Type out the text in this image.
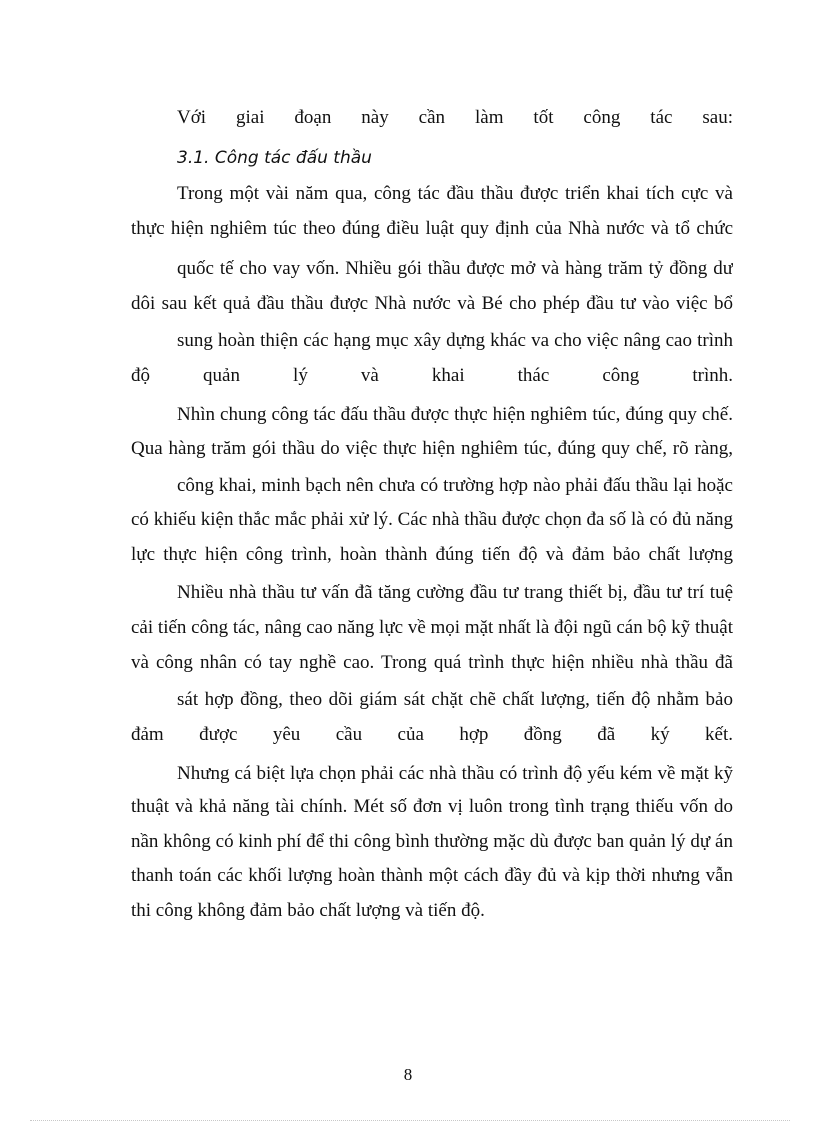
Với giai đoạn này cần làm tốt công tác sau:

3.1. Công tác đấu thầu

Trong một vài năm qua, công tác đầu thầu được triển khai tích cực và

thực hiện nghiêm túc theo đúng điều luật quy định của Nhà nước và tổ chức

quốc tế cho vay vốn. Nhiều gói thầu được mở và hàng trăm tỷ đồng dư

dôi sau kết quả đầu thầu được Nhà nước và Bé cho phép đầu tư vào việc bổ

sung hoàn thiện các hạng mục xây dựng khác va cho việc nâng cao trình

độ quản lý và khai thác công trình.

Nhìn chung công tác đấu thầu được thực hiện nghiêm túc, đúng quy chế.

Qua hàng trăm gói thầu do việc thực hiện nghiêm túc, đúng quy chế, rõ ràng,

công khai, minh bạch nên chưa có trường hợp nào phải đấu thầu lại hoặc

có khiếu kiện thắc mắc phải xử lý. Các nhà thầu được chọn đa số là có đủ năng

lực thực hiện công trình, hoàn thành đúng tiến độ và đảm bảo chất lượng

Nhiều nhà thầu tư vấn đã tăng cường đầu tư trang thiết bị, đầu tư trí tuệ

cải tiến công tác, nâng cao năng lực về mọi mặt nhất là đội ngũ cán bộ kỹ thuật

và công nhân có tay nghề cao. Trong quá trình thực hiện nhiều nhà thầu đã

sát hợp đồng, theo dõi giám sát chặt chẽ chất lượng, tiến độ nhằm bảo

đảm được yêu cầu của hợp đồng đã ký kết.

Nhưng cá biệt lựa chọn phải các nhà thầu có trình độ yếu kém về mặt kỹ

thuật và khả năng tài chính. Mét số đơn vị luôn trong tình trạng thiếu vốn do

nần không có kinh phí để thi công bình thường mặc dù được ban quản lý dự án

thanh toán các khối lượng hoàn thành một cách đầy đủ và kịp thời nhưng vẫn

thi công không đảm bảo chất lượng và tiến độ.

8
